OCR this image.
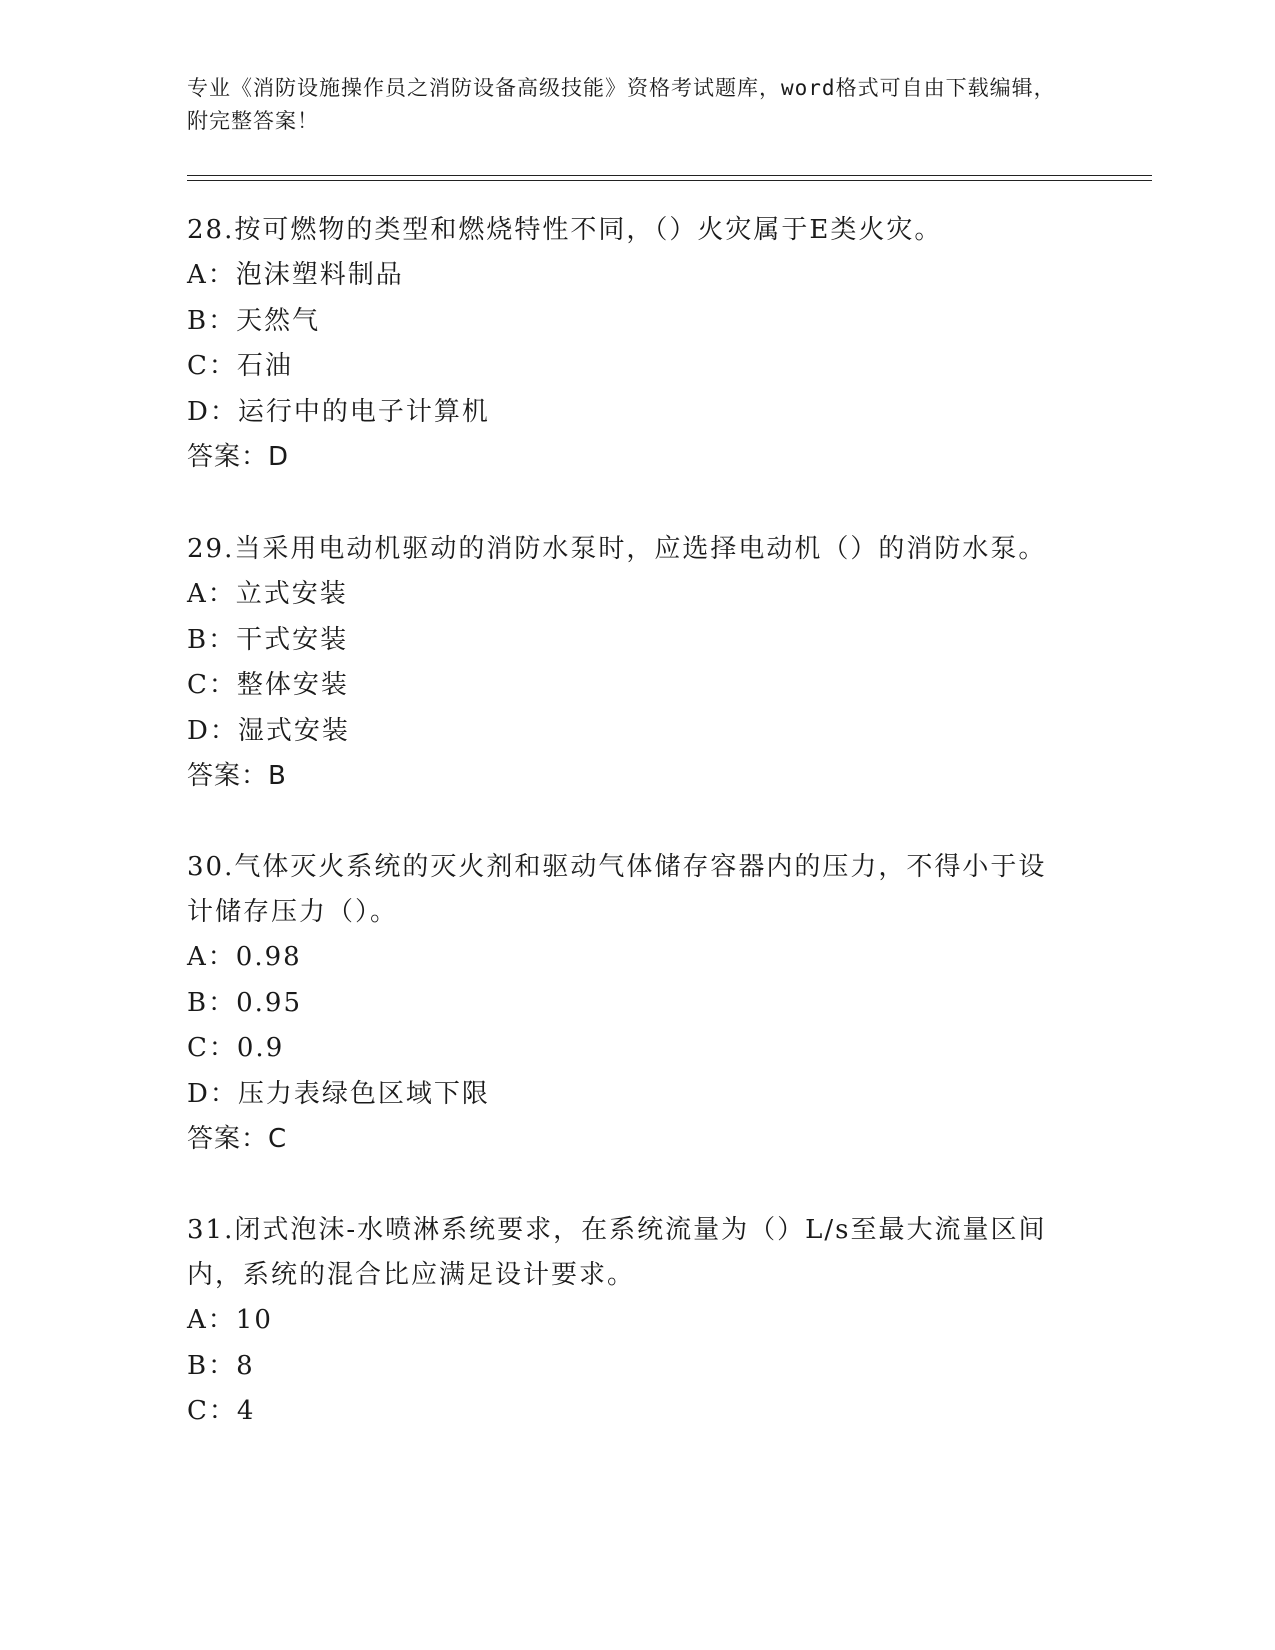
专业《消防设施操作员之消防设备高级技能》资格考试题库，word格式可自由下载编辑，附完整答案！
28.按可燃物的类型和燃烧特性不同，（）火灾属于E类火灾。
A：泡沫塑料制品
B：天然气
C：石油
D：运行中的电子计算机
答案：D
29.当采用电动机驱动的消防水泵时，应选择电动机（）的消防水泵。
A：立式安装
B：干式安装
C：整体安装
D：湿式安装
答案：B
30.气体灭火系统的灭火剂和驱动气体储存容器内的压力，不得小于设
计储存压力（）。
A：0.98
B：0.95
C：0.9
D：压力表绿色区域下限
答案：C
31.闭式泡沫-水喷淋系统要求，在系统流量为（）L/s至最大流量区间
内，系统的混合比应满足设计要求。
A：10
B：8
C：4
